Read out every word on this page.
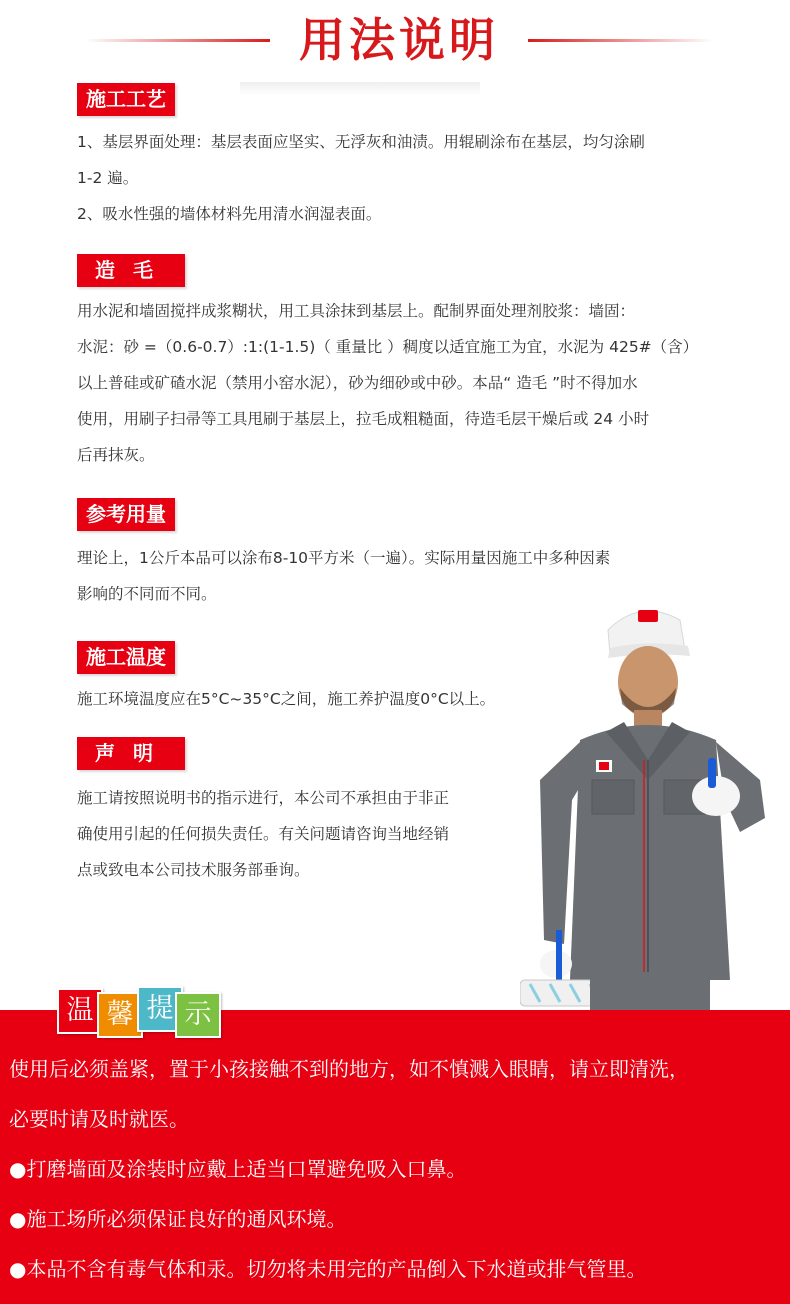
用法说明
施工工艺
1、基层界面处理：基层表面应坚实、无浮灰和油渍。用辊刷涂布在基层，均匀涂刷
1-2 遍。
2、吸水性强的墙体材料先用清水润湿表面。
造毛
用水泥和墙固搅拌成浆糊状，用工具涂抹到基层上。配制界面处理剂胶浆：墙固：
水泥：砂 =（0.6-0.7）:1:(1-1.5)（ 重量比 ）稠度以适宜施工为宜，水泥为 425#（含）
以上普硅或矿碴水泥（禁用小窑水泥），砂为细砂或中砂。本品“ 造毛 ”时不得加水
使用，用刷子扫帚等工具甩刷于基层上，拉毛成粗糙面，待造毛层干燥后或 24 小时
后再抹灰。
参考用量
理论上，1公斤本品可以涂布8-10平方米（一遍）。实际用量因施工中多种因素
影响的不同而不同。
施工温度
施工环境温度应在5°C~35°C之间，施工养护温度0°C以上。
声明
施工请按照说明书的指示进行，本公司不承担由于非正
确使用引起的任何损失责任。有关问题请咨询当地经销
点或致电本公司技术服务部垂询。
使用后必须盖紧，置于小孩接触不到的地方，如不慎溅入眼睛，请立即清洗，
必要时请及时就医。
●打磨墙面及涂装时应戴上适当口罩避免吸入口鼻。
●施工场所必须保证良好的通风环境。
●本品不含有毒气体和汞。切勿将未用完的产品倒入下水道或排气管里。
温 馨 提 示
